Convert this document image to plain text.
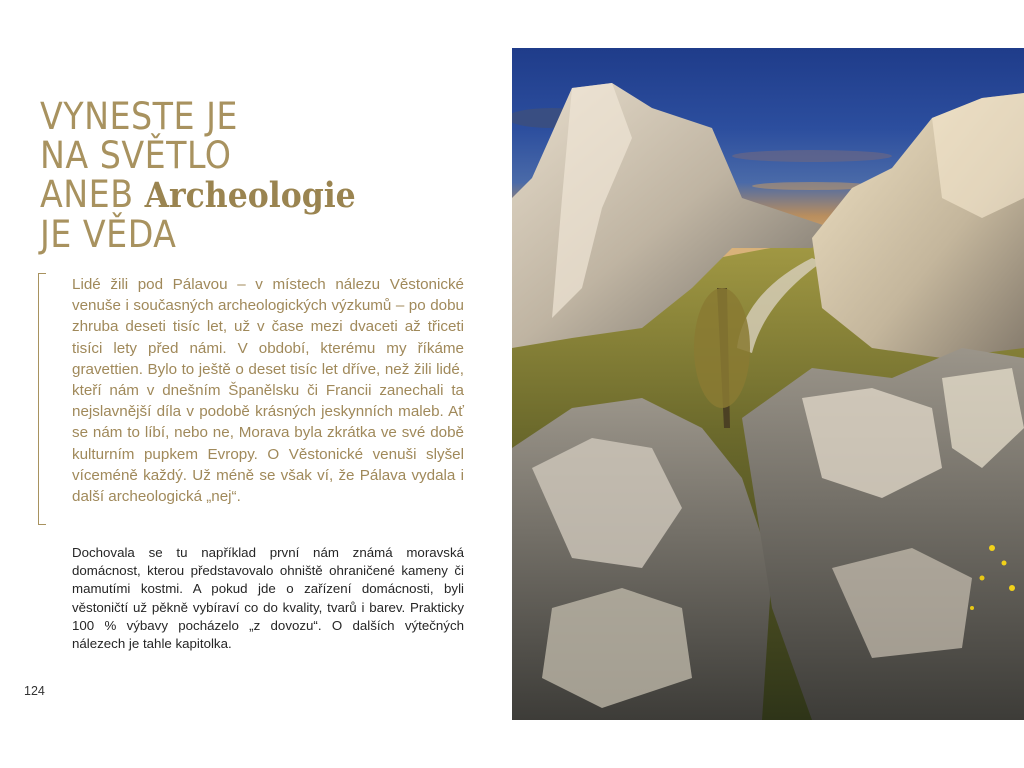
VYNESTE JE
NA SVĚTLO
ANEB Archeologie
JE VĚDA

Lidé žili pod Pálavou – v místech nálezu Věstonické venuše i současných archeologických výzkumů – po dobu zhruba deseti tisíc let, už v čase mezi dvaceti až třiceti tisíci lety před námi. V období, kterému my říkáme gravettien. Bylo to ještě o deset tisíc let dříve, než žili lidé, kteří nám v dnešním Španělsku či Francii zanechali ta nejslavnější díla v podobě krásných jeskynních maleb. Ať se nám to líbí, nebo ne, Morava byla zkrátka ve své době kulturním pupkem Evropy. O Věstonické venuši slyšel víceméně každý. Už méně se však ví, že Pálava vydala i další archeologická „nej“.

Dochovala se tu například první nám známá moravská domácnost, kterou představovalo ohniště ohraničené kameny či mamutími kostmi. A pokud jde o zařízení domácnosti, byli věstoničtí už pěkně vybíraví co do kvality, tvarů i barev. Prakticky 100 % výbavy pocházelo „z dovozu“. O dalších výtečných nálezech je tahle kapitolka.

124
